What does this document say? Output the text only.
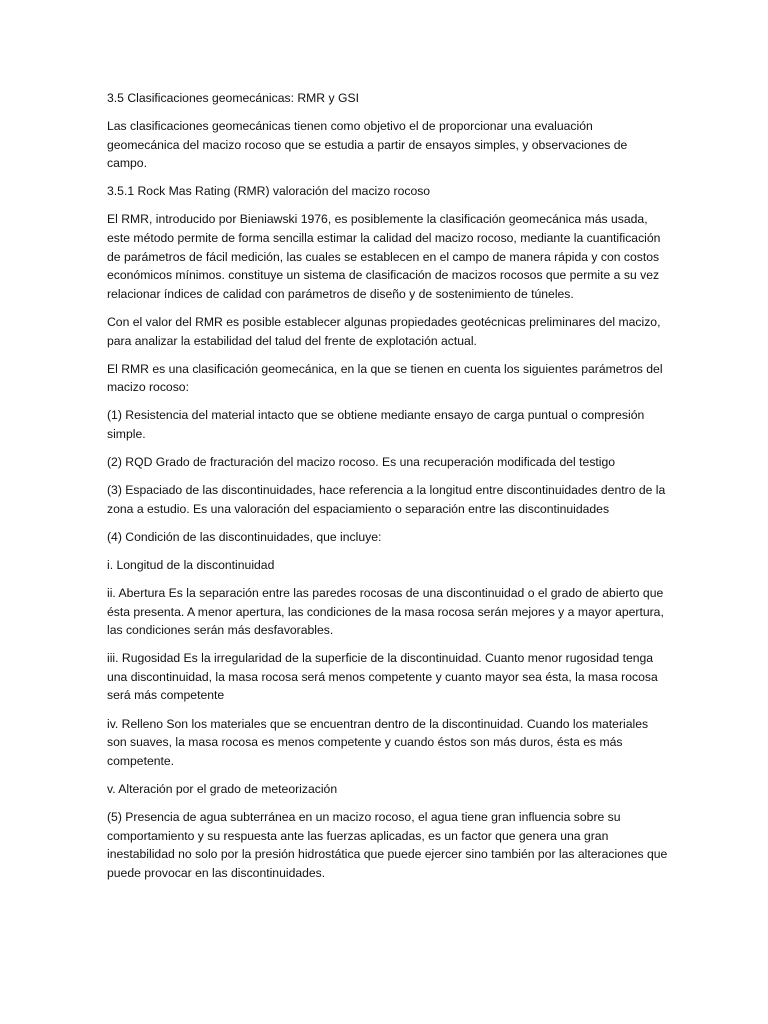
3.5 Clasificaciones geomecánicas: RMR y GSI

Las clasificaciones geomecánicas tienen como objetivo el de proporcionar una evaluación geomecánica del macizo rocoso que se estudia a partir de ensayos simples, y observaciones de campo.

3.5.1 Rock Mas Rating (RMR) valoración del macizo rocoso

El RMR, introducido por Bieniawski 1976, es posiblemente la clasificación geomecánica más usada, este método permite de forma sencilla estimar la calidad del macizo rocoso, mediante la cuantificación de parámetros de fácil medición, las cuales se establecen en el campo de manera rápida y con costos económicos mínimos. constituye un sistema de clasificación de macizos rocosos que permite a su vez relacionar índices de calidad con parámetros de diseño y de sostenimiento de túneles.

Con el valor del RMR es posible establecer algunas propiedades geotécnicas preliminares del macizo, para analizar la estabilidad del talud del frente de explotación actual.

El RMR es una clasificación geomecánica, en la que se tienen en cuenta los siguientes parámetros del macizo rocoso:

(1) Resistencia del material intacto que se obtiene mediante ensayo de carga puntual o compresión simple.

(2) RQD Grado de fracturación del macizo rocoso. Es una recuperación modificada del testigo

(3) Espaciado de las discontinuidades, hace referencia a la longitud entre discontinuidades dentro de la zona a estudio. Es una valoración del espaciamiento o separación entre las discontinuidades

(4) Condición de las discontinuidades, que incluye:

i. Longitud de la discontinuidad

ii. Abertura Es la separación entre las paredes rocosas de una discontinuidad o el grado de abierto que ésta presenta. A menor apertura, las condiciones de la masa rocosa serán mejores y a mayor apertura, las condiciones serán más desfavorables.

iii. Rugosidad Es la irregularidad de la superficie de la discontinuidad. Cuanto menor rugosidad tenga una discontinuidad, la masa rocosa será menos competente y cuanto mayor sea ésta, la masa rocosa será más competente

iv. Relleno Son los materiales que se encuentran dentro de la discontinuidad. Cuando los materiales son suaves, la masa rocosa es menos competente y cuando éstos son más duros, ésta es más competente.

v. Alteración por el grado de meteorización

(5) Presencia de agua subterránea en un macizo rocoso, el agua tiene gran influencia sobre su comportamiento y su respuesta ante las fuerzas aplicadas, es un factor que genera una gran inestabilidad no solo por la presión hidrostática que puede ejercer sino también por las alteraciones que puede provocar en las discontinuidades.
